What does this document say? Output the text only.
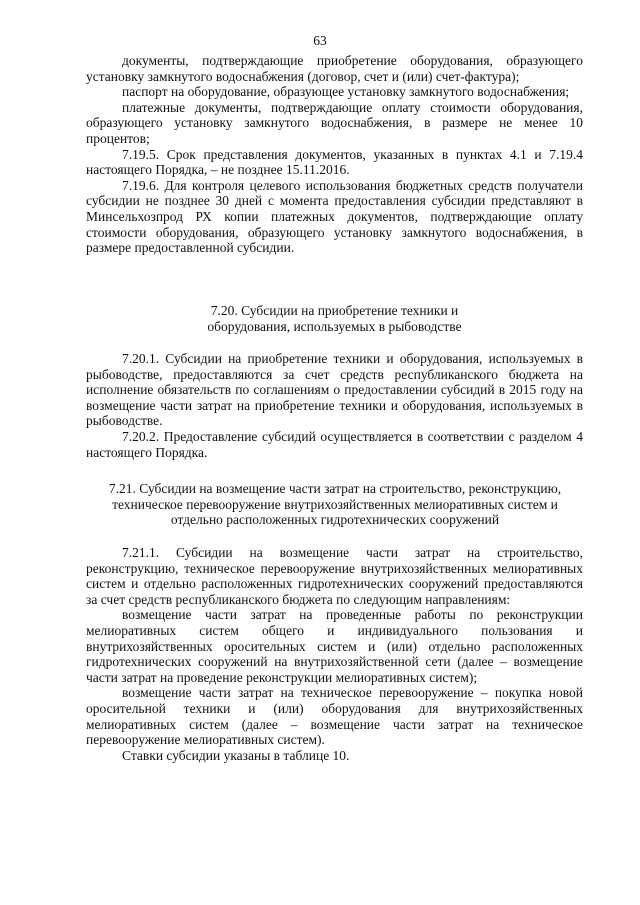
63

документы, подтверждающие приобретение оборудования, образующего установку замкнутого водоснабжения (договор, счет и (или) счет-фактура);

паспорт на оборудование, образующее установку замкнутого водоснабжения;

платежные документы, подтверждающие оплату стоимости оборудования, образующего установку замкнутого водоснабжения, в размере не менее 10 процентов;

7.19.5. Срок представления документов, указанных в пунктах 4.1 и 7.19.4 настоящего Порядка, – не позднее 15.11.2016.

7.19.6. Для контроля целевого использования бюджетных средств получатели субсидии не позднее 30 дней с момента предоставления субсидии представляют в Минсельхозпрод РХ копии платежных документов, подтверждающие оплату стоимости оборудования, образующего установку замкнутого водоснабжения, в размере предоставленной субсидии.

7.20. Субсидии на приобретение техники и

оборудования, используемых в рыбоводстве

7.20.1. Субсидии на приобретение техники и оборудования, используемых в рыбоводстве, предоставляются за счет средств республиканского бюджета на исполнение обязательств по соглашениям о предоставлении субсидий в 2015 году на возмещение части затрат на приобретение техники и оборудования, используемых в рыбоводстве.

7.20.2. Предоставление субсидий осуществляется в соответствии с разделом 4 настоящего Порядка.

7.21. Субсидии на возмещение части затрат на строительство, реконструкцию,

техническое перевооружение внутрихозяйственных мелиоративных систем и

отдельно расположенных гидротехнических сооружений

7.21.1. Субсидии на возмещение части затрат на строительство, реконструкцию, техническое перевооружение внутрихозяйственных мелиоративных систем и отдельно расположенных гидротехнических сооружений предоставляются за счет средств республиканского бюджета по следующим направлениям:

возмещение части затрат на проведенные работы по реконструкции мелиоративных систем общего и индивидуального пользования и внутрихозяйственных оросительных систем и (или) отдельно расположенных гидротехнических сооружений на внутрихозяйственной сети (далее – возмещение части затрат на проведение реконструкции мелиоративных систем);

возмещение части затрат на техническое перевооружение – покупка новой оросительной техники и (или) оборудования для внутрихозяйственных мелиоративных систем (далее – возмещение части затрат на техническое перевооружение мелиоративных систем).

Ставки субсидии указаны в таблице 10.
